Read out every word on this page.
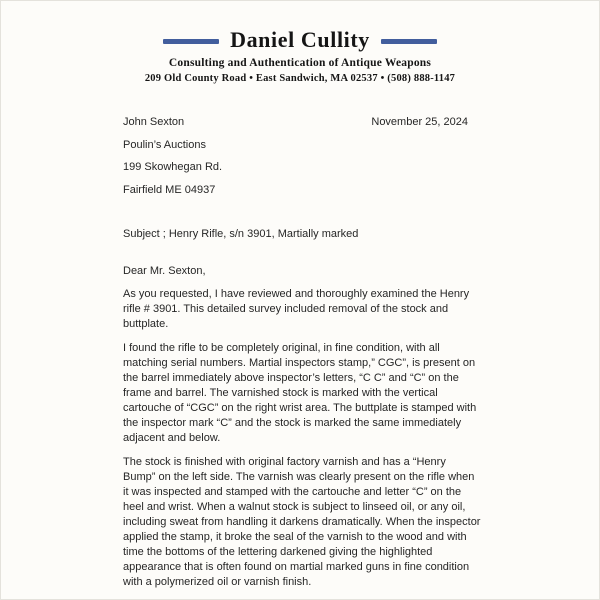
Daniel Cullity
Consulting and Authentication of Antique Weapons
209 Old County Road • East Sandwich, MA 02537 • (508) 888-1147
John Sexton
Poulin’s Auctions
199 Skowhegan Rd.
Fairfield ME 04937
November 25, 2024
Subject ; Henry Rifle, s/n 3901, Martially marked
Dear Mr. Sexton,

As you requested, I have reviewed and thoroughly examined the Henry rifle # 3901. This detailed survey included removal of the stock and buttplate.

I found the rifle to be completely original, in fine condition, with all matching serial numbers. Martial inspectors stamp,” CGC”, is present on the barrel immediately above inspector’s letters, “C C” and “C” on the frame and barrel. The varnished stock is marked with the vertical cartouche of “CGC” on the right wrist area. The buttplate is stamped with the inspector mark “C” and the stock is marked the same immediately adjacent and below.

The stock is finished with original factory varnish and has a “Henry Bump” on the left side. The varnish was clearly present on the rifle when it was inspected and stamped with the cartouche and letter “C” on the heel and wrist. When a walnut stock is subject to linseed oil, or any oil, including sweat from handling it darkens dramatically. When the inspector applied the stamp, it broke the seal of the varnish to the wood and with time the bottoms of the lettering darkened giving the highlighted appearance that is often found on martial marked guns in fine condition with a polymerized oil or varnish finish.
